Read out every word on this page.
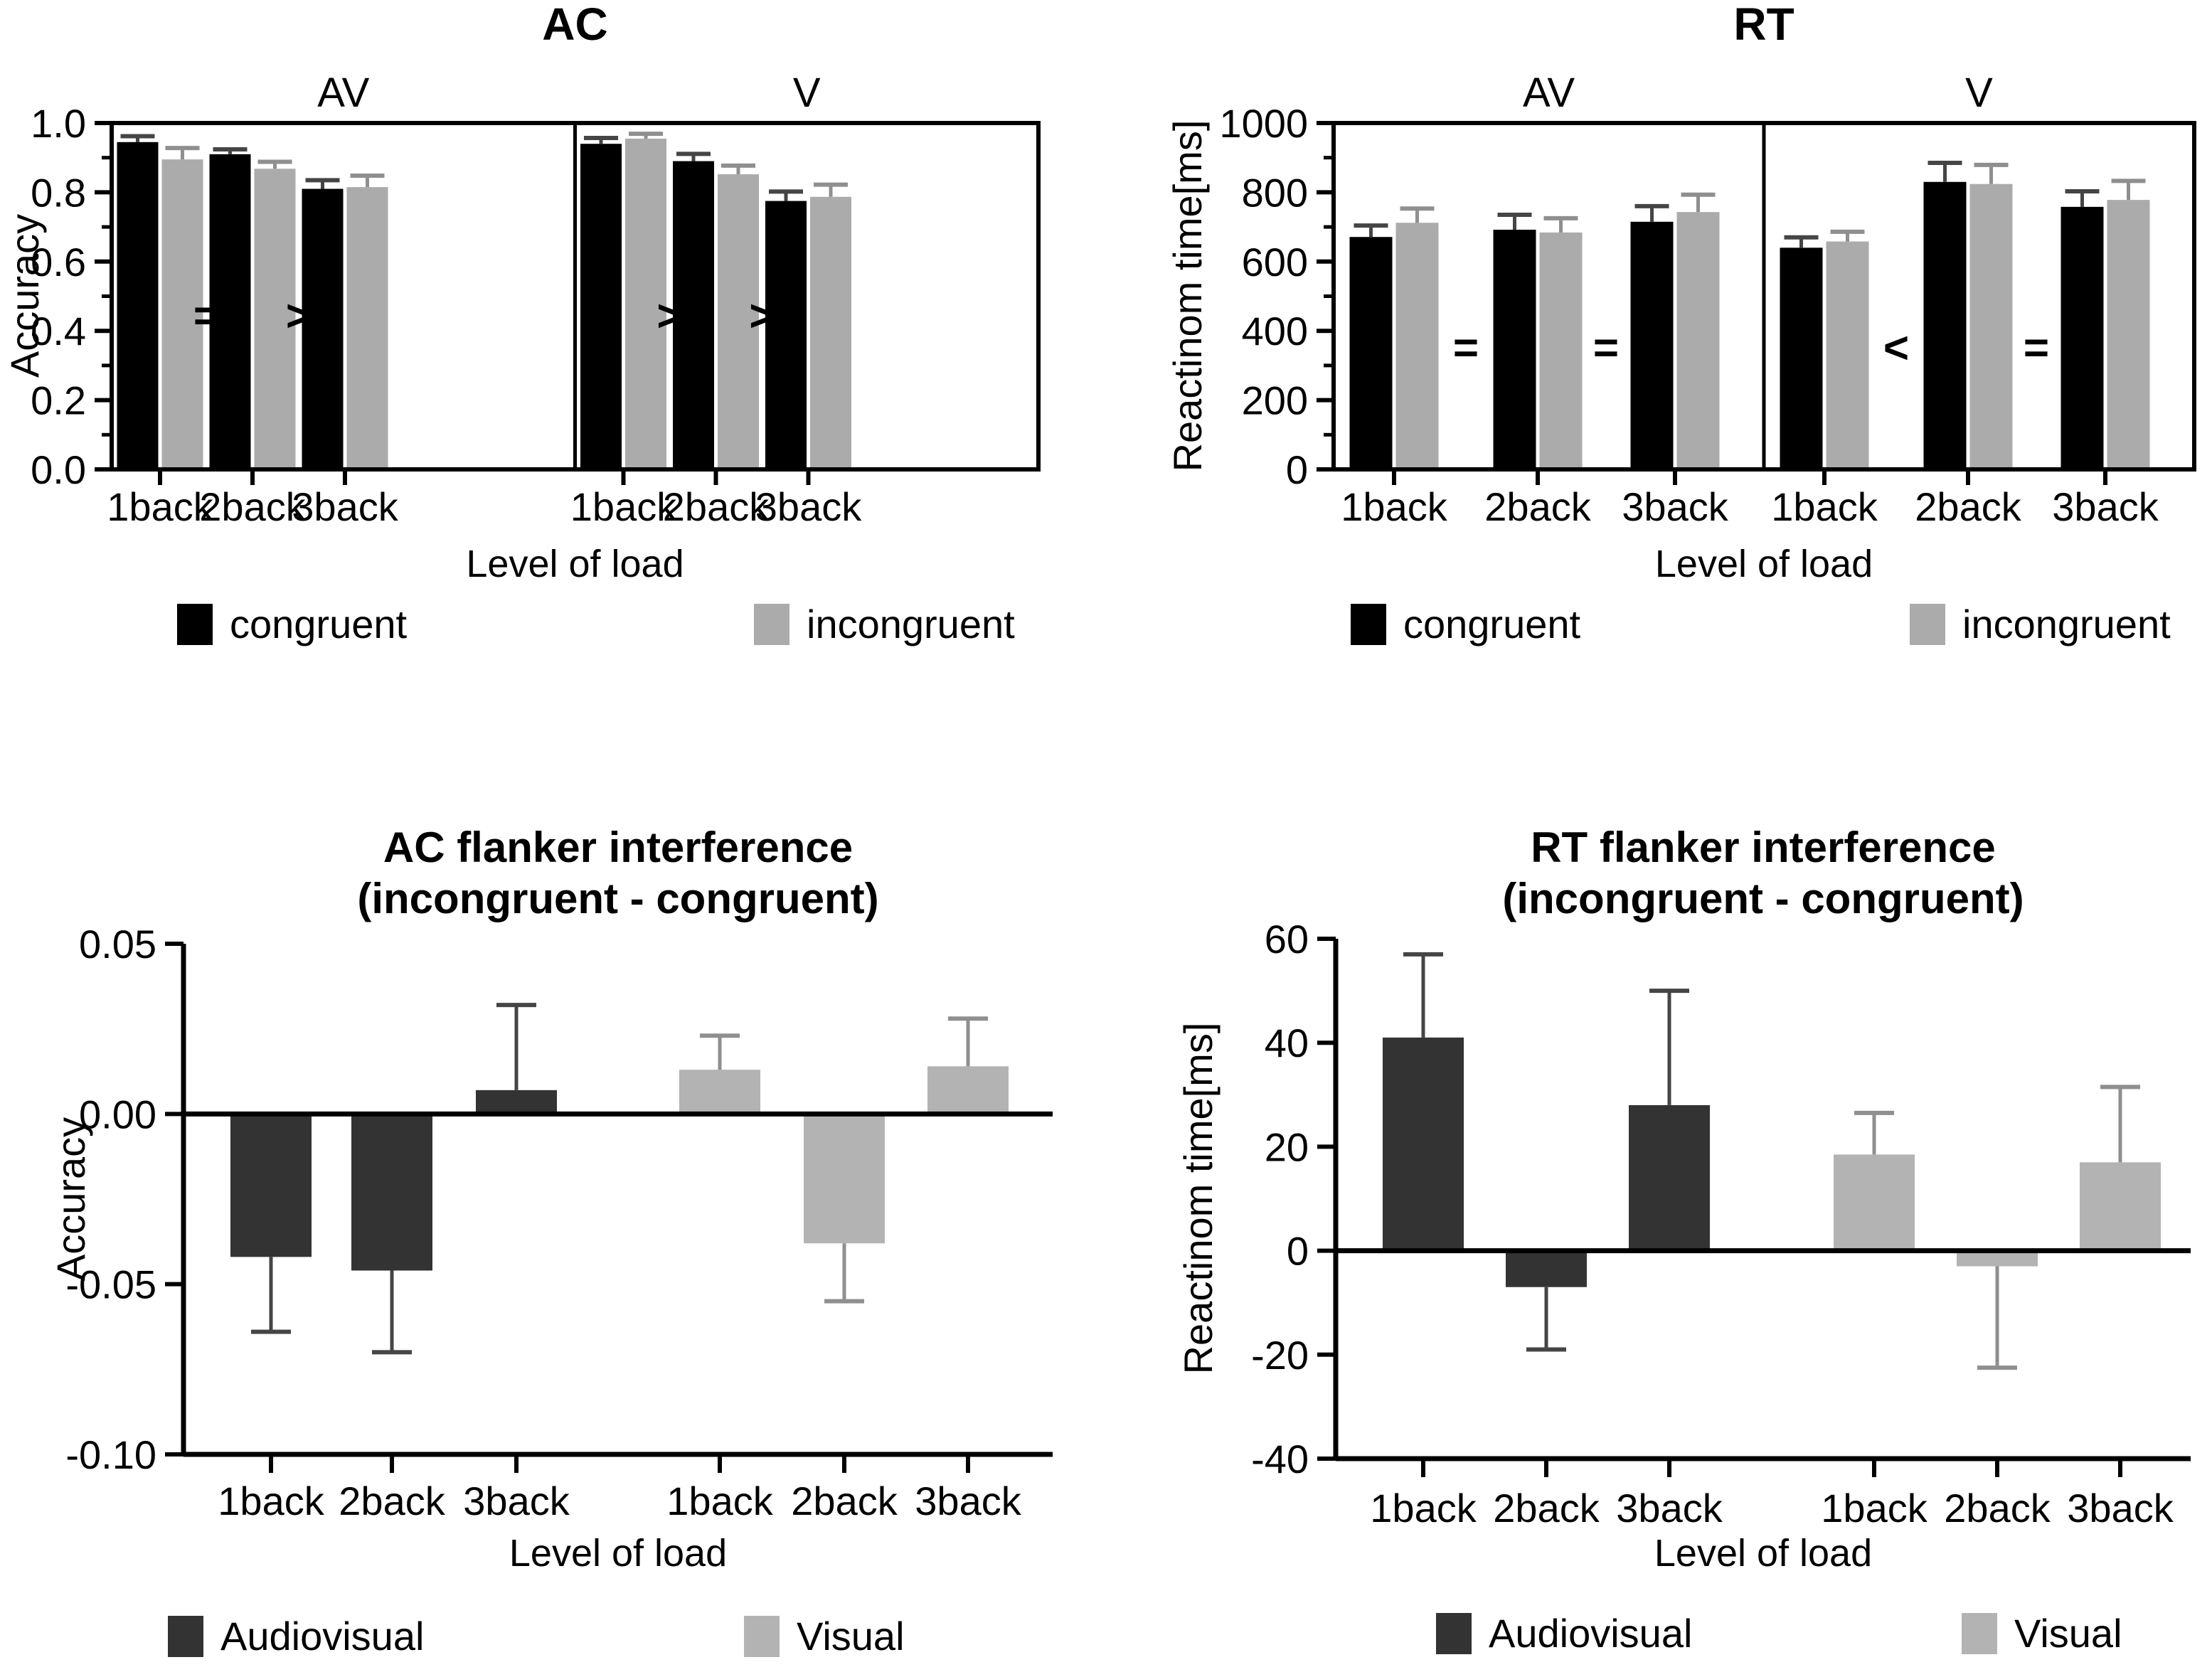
AC
Accuracy
0.0
0.2
0.4
0.6
0.8
1.0
AV
1back
2back
3back
= >
V
1back
2back
3back
> >
Level of load
congruent	incongruent
RT
Reactinom time[ms] 0
200
400
600
800
1000
AV
1back 2back 3back
=	=
V
1back 2back 3back
<	=
Level of load
congruent	incongruent
AC flanker interference
(incongruent - congruent)
Accuracy
0.05
0.00
-0.05
-0.10
1back 2back 3back 1back 2back 3back
Level of load
Audiovisual	Visual
RT flanker interference
(incongruent - congruent)
Reactinom time[ms]
60
40
20
0
-20
-40
1back 2back 3back 1back 2back 3back
Level of load
Audiovisual	Visual
